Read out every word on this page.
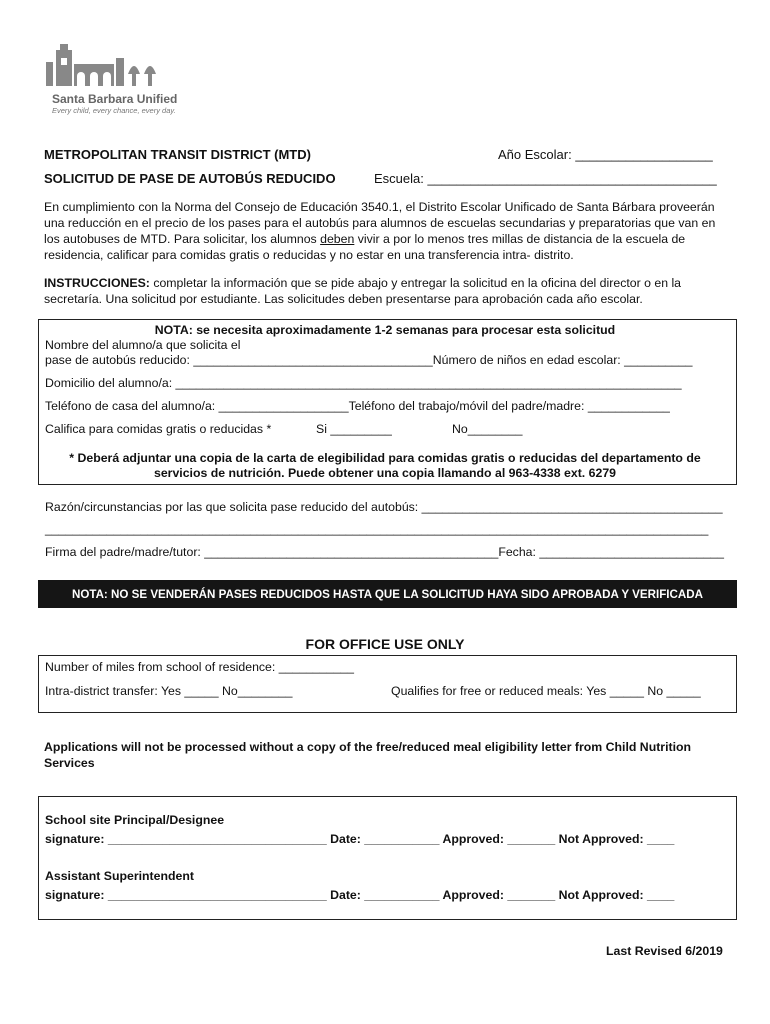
Santa Barbara Unified
Every child, every chance, every day.
METROPOLITAN TRANSIT DISTRICT (MTD)	Año Escolar: ___________________
SOLICITUD DE PASE DE AUTOBÚS REDUCIDO	Escuela: ________________________________________
En cumplimiento con la Norma del Consejo de Educación 3540.1, el Distrito Escolar Unificado de Santa Bárbara proveerán una reducción en el precio de los pases para el autobús para alumnos de escuelas secundarias y preparatorias que van en los autobuses de MTD. Para solicitar, los alumnos deben vivir a por lo menos tres millas de distancia de la escuela de residencia, calificar para comidas gratis o reducidas y no estar en una transferencia intra- distrito.
INSTRUCCIONES: completar la información que se pide abajo y entregar la solicitud en la oficina del director o en la secretaría. Una solicitud por estudiante. Las solicitudes deben presentarse para aprobación cada año escolar.
NOTA: se necesita aproximadamente 1-2 semanas para procesar esta solicitud
Nombre del alumno/a que solicita el
pase de autobús reducido: ___________________________________Número de niños en edad escolar: __________
Domicilio del alumno/a: __________________________________________________________________________
Teléfono de casa del alumno/a: ___________________Teléfono del trabajo/móvil del padre/madre: ____________
Califica para comidas gratis o reducidas *	Si _________	No________
* Deberá adjuntar una copia de la carta de elegibilidad para comidas gratis o reducidas del departamento de
servicios de nutrición. Puede obtener una copia llamando al 963-4338 ext. 6279
Razón/circunstancias por las que solicita pase reducido del autobús: ____________________________________________
_________________________________________________________________________________________________
Firma del padre/madre/tutor: ___________________________________________Fecha: ___________________________
NOTA: NO SE VENDERÁN PASES REDUCIDOS HASTA QUE LA SOLICITUD HAYA SIDO APROBADA Y VERIFICADA
FOR OFFICE USE ONLY
Number of miles from school of residence: ___________
Intra-district transfer: Yes _____ No________	Qualifies for free or reduced meals: Yes _____ No _____
Applications will not be processed without a copy of the free/reduced meal eligibility letter from Child Nutrition Services
School site Principal/Designee
signature: ________________________________ Date: ___________ Approved: _______ Not Approved: ____
Assistant Superintendent
signature: ________________________________ Date: ___________ Approved: _______ Not Approved: ____
Last Revised 6/2019
